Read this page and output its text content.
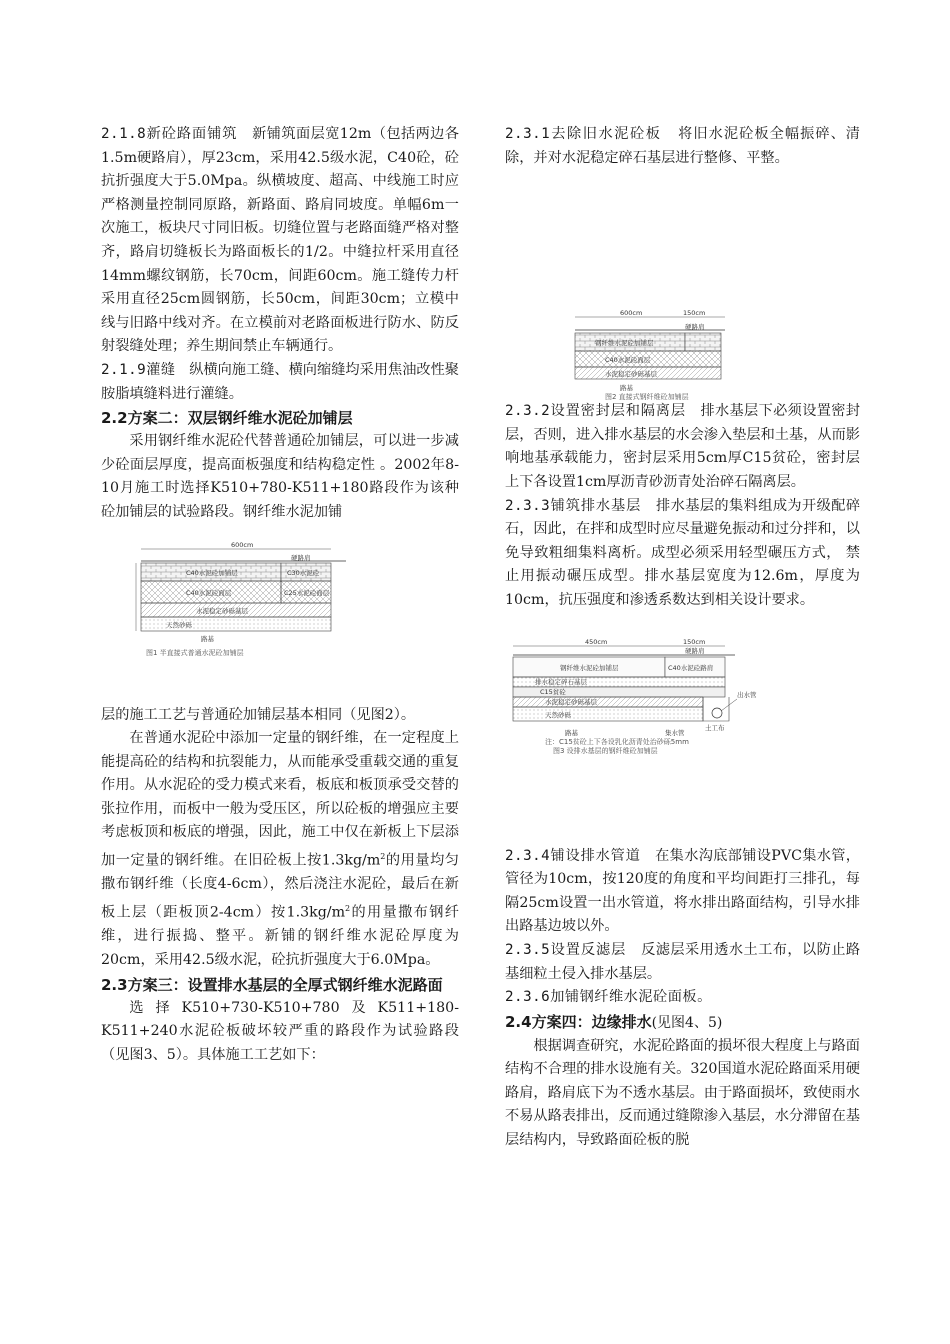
2.1.8新砼路面铺筑 新铺筑面层宽12m（包括两边各1.5m硬路肩），厚23cm，采用42.5级水泥，C40砼，砼抗折强度大于5.0Mpa。纵横坡度、超高、中线施工时应严格测量控制同原路，新路面、路肩同坡度。单幅6m一次施工，板块尺寸同旧板。切缝位置与老路面缝严格对整齐，路肩切缝板长为路面板长的1/2。中缝拉杆采用直径14mm螺纹钢筋，长70cm，间距60cm。施工缝传力杆采用直径25cm圆钢筋，长50cm，间距30cm；立模中线与旧路中线对齐。在立模前对老路面板进行防水、防反射裂缝处理；养生期间禁止车辆通行。

2.1.9灌缝 纵横向施工缝、横向缩缝均采用焦油改性聚胺脂填缝料进行灌缝。

2.2方案二：双层钢纤维水泥砼加铺层

采用钢纤维水泥砼代替普通砼加铺层，可以进一步减少砼面层厚度，提高面板强度和结构稳定性 。2002年8-10月施工时选择K510+780-K511+180路段作为该种砼加铺层的试验路段。钢纤维水泥加铺

600cm
硬路肩
C40水泥砼加铺层	C30水泥砼
C40水泥砼面层	C25水泥砼面层
水泥稳定砂砾基层
天然砂砾
路基
图1 半直接式普通水泥砼加铺层

层的施工工艺与普通砼加铺层基本相同（见图2）。

在普通水泥砼中添加一定量的钢纤维，在一定程度上能提高砼的结构和抗裂能力，从而能承受重载交通的重复作用。从水泥砼的受力模式来看，板底和板顶承受交替的张拉作用，而板中一般为受压区，所以砼板的增强应主要考虑板顶和板底的增强，因此，施工中仅在新板上下层添加一定量的钢纤维。在旧砼板上按$1.3kg/m^2$的用量均匀撒布钢纤维（长度4-6cm），然后浇注水泥砼，最后在新板上层（距板顶2-4cm）按$1.3kg/m^2$的用量撒布钢纤维，进行振捣、整平。新铺的钢纤维水泥砼厚度为20cm，采用42.5级水泥，砼抗折强度大于6.0Mpa。

2.3方案三：设置排水基层的全厚式钢纤维水泥路面

选择K510+730-K510+780及K511+180-K511+240水泥砼板破坏较严重的路段作为试验路段（见图3、5）。具体施工工艺如下：

2.3.1去除旧水泥砼板 将旧水泥砼板全幅振碎、清除，并对水泥稳定碎石基层进行整修、平整。

600cm	150cm
硬路肩
钢纤维水泥砼加铺层
C40水泥砼面层
水泥稳定砂砾基层
路基
图2 直接式钢纤维砼加铺层

2.3.2设置密封层和隔离层 排水基层下必须设置密封层，否则，进入排水基层的水会渗入垫层和土基，从而影响地基承载能力，密封层采用5cm厚C15贫砼，密封层上下各设置1cm厚沥青砂沥青处治碎石隔离层。

2.3.3铺筑排水基层 排水基层的集料组成为开级配碎石，因此，在拌和成型时应尽量避免振动和过分拌和，以免导致粗细集料离析。成型必须采用轻型碾压方式， 禁止用振动碾压成型。排水基层宽度为12.6m，厚度为10cm，抗压强度和渗透系数达到相关设计要求。

450cm	150cm
硬路肩
钢纤维水泥砼加铺层	C40水泥砼路肩
排水稳定碎石基层
C15贫砼
水泥稳定砂砾基层
天然砂砾
出水管
土工布
路基	集水管
注：C15贫砼上下各设乳化沥青处治砂砾5mm
图3 设排水基层的钢纤维砼加铺层

2.3.4铺设排水管道 在集水沟底部铺设PVC集水管，管径为10cm，按120度的角度和平均间距打三排孔，每隔25cm设置一出水管道，将水排出路面结构，引导水排出路基边坡以外。

2.3.5设置反滤层 反滤层采用透水土工布，以防止路基细粒土侵入排水基层。

2.3.6加铺钢纤维水泥砼面板。

2.4方案四：边缘排水(见图4、5)

根据调查研究，水泥砼路面的损坏很大程度上与路面结构不合理的排水设施有关。320国道水泥砼路面采用硬路肩，路肩底下为不透水基层。由于路面损坏，致使雨水不易从路表排出，反而通过缝隙渗入基层，水分滞留在基层结构内，导致路面砼板的脱
